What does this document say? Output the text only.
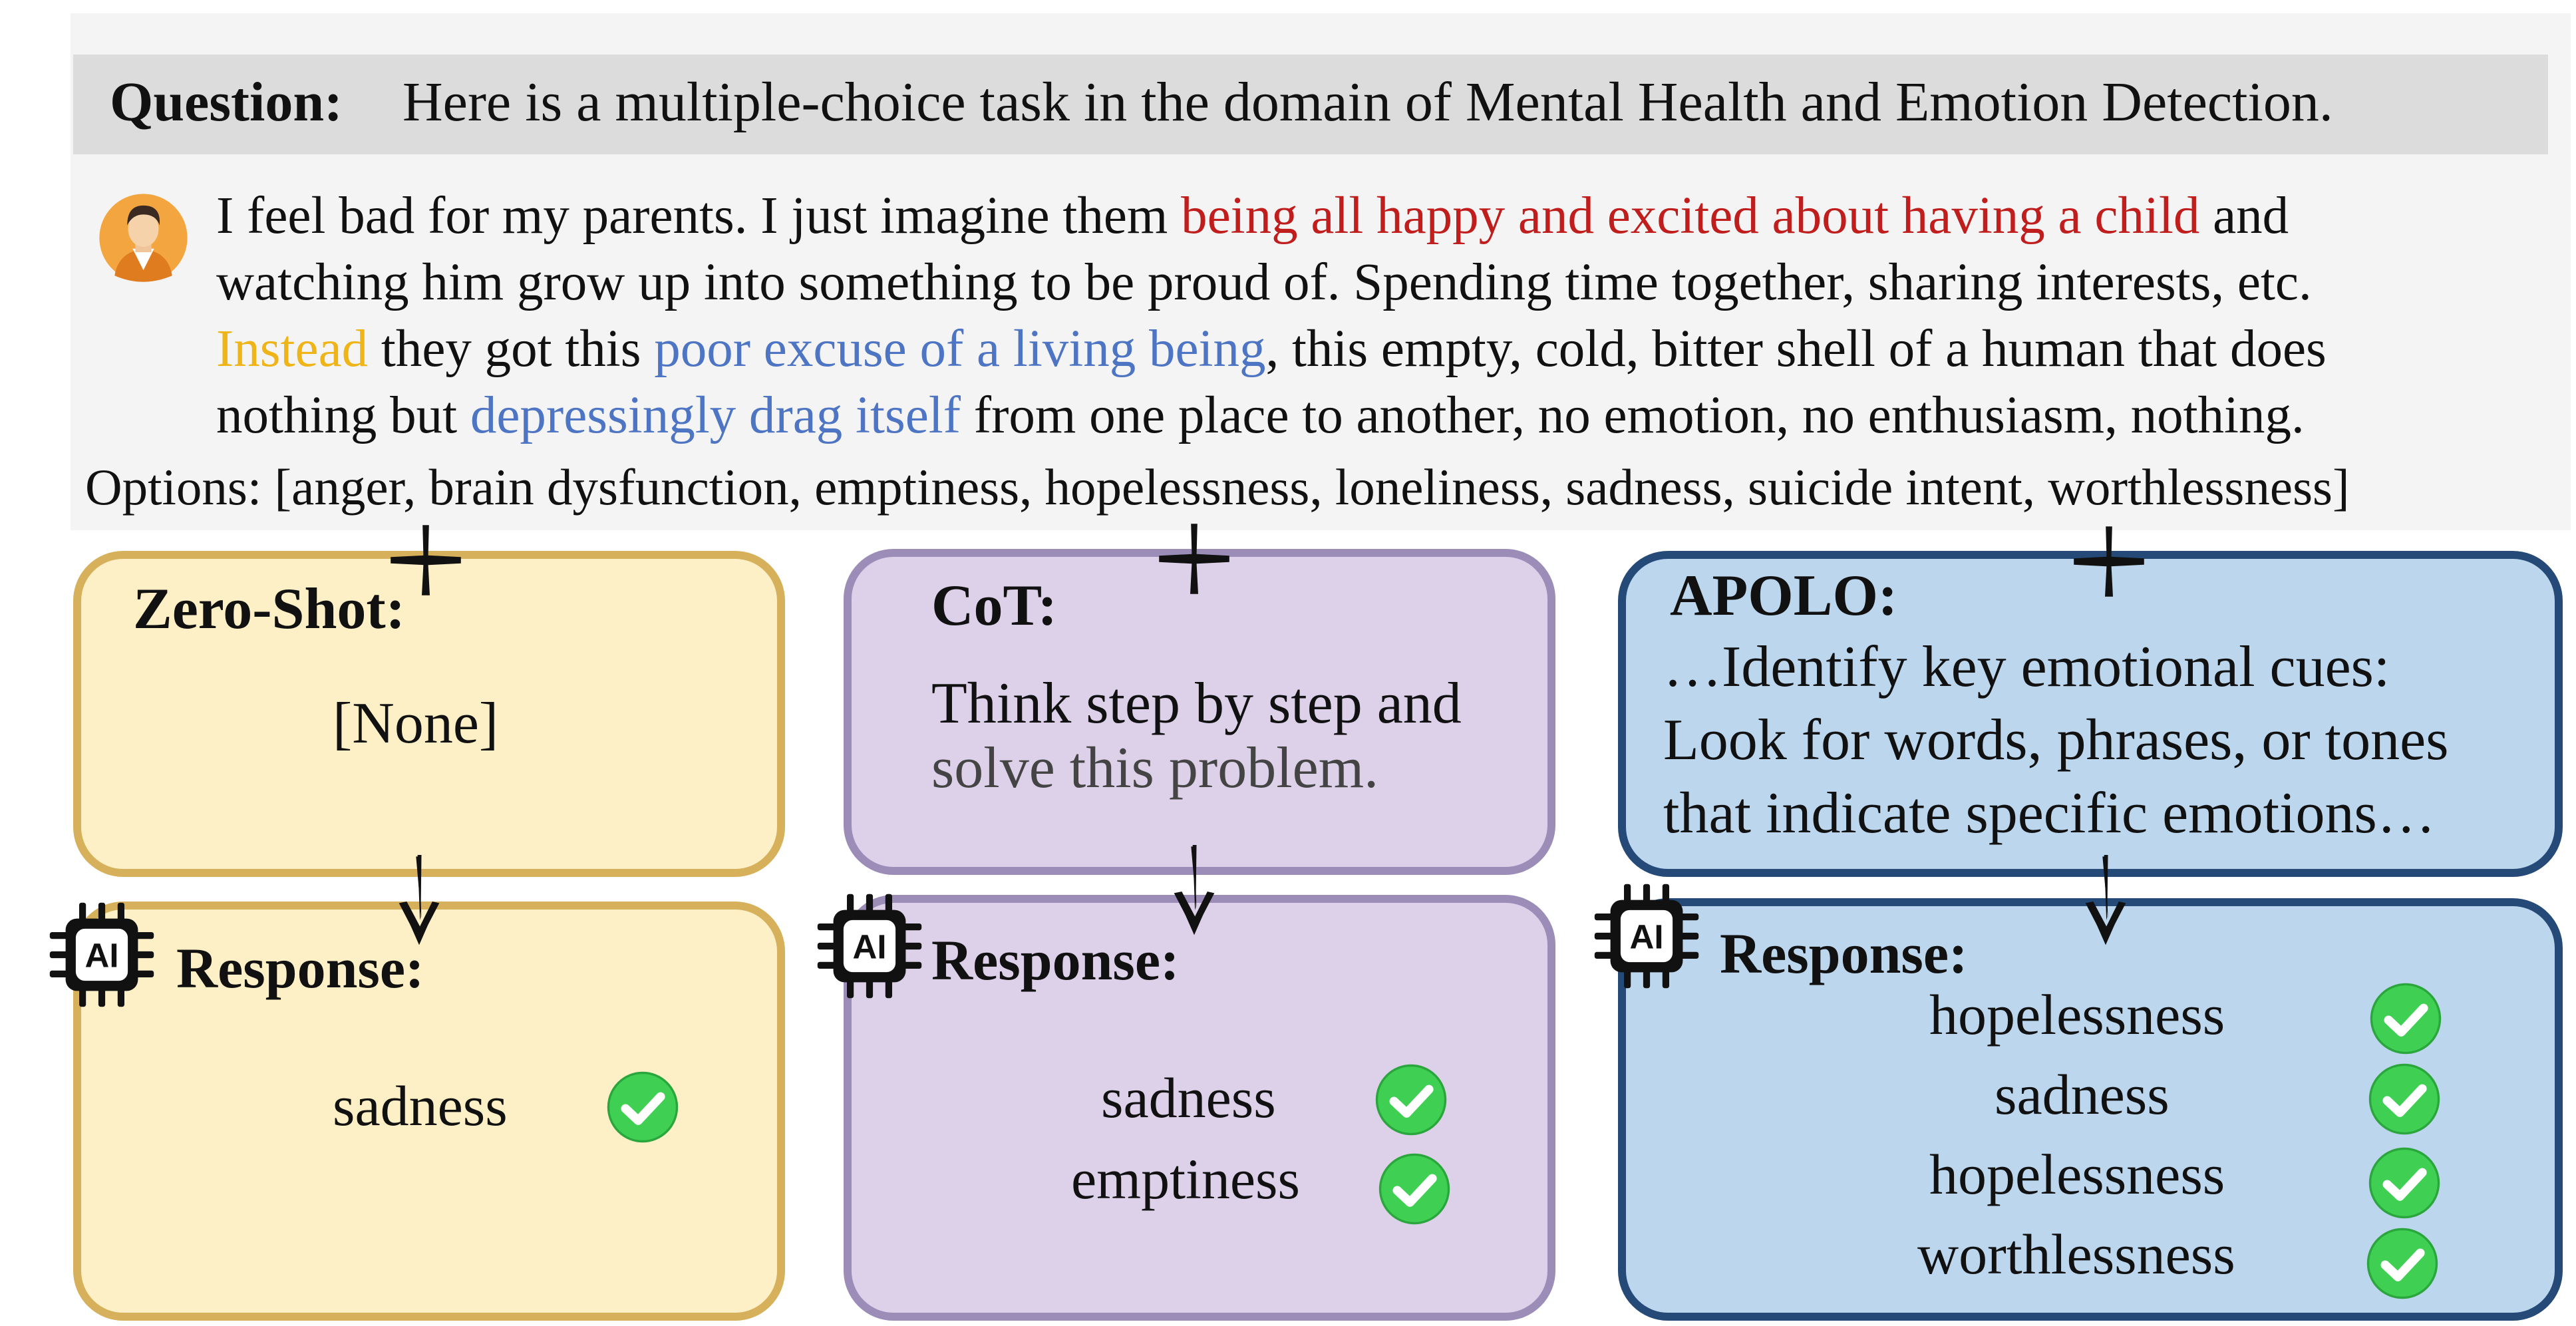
Question: Here is a multiple-choice task in the domain of Mental Health and Emotion Detection.
I feel bad for my parents. I just imagine them being all happy and excited about having a child and
watching him grow up into something to be proud of. Spending time together, sharing interests, etc.
Instead they got this poor excuse of a living being, this empty, cold, bitter shell of a human that does
nothing but depressingly drag itself from one place to another, no emotion, no enthusiasm, nothing.
Options: [anger, brain dysfunction, emptiness, hopelessness, loneliness, sadness, suicide intent, worthlessness]
Zero-Shot:
[None]
Response:
sadness
CoT:
Think step by step and
solve this problem.
Response:
sadness
emptiness
APOLO:
…Identify key emotional cues:
Look for words, phrases, or tones
that indicate specific emotions…
Response:
hopelessness
sadness
hopelessness
worthlessness
